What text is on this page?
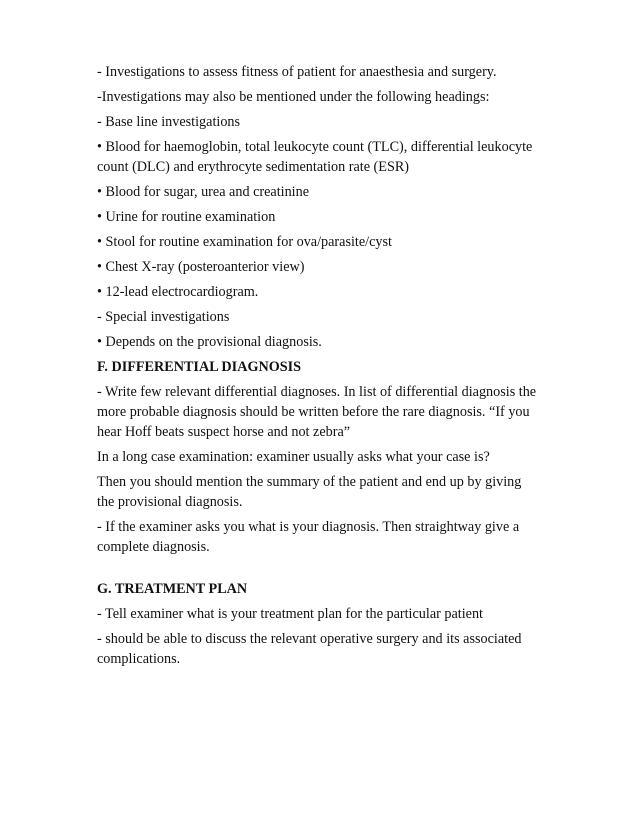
- Investigations to assess fitness of patient for anaesthesia and surgery.

-Investigations may also be mentioned under the following headings:

- Base line investigations

• Blood for haemoglobin, total leukocyte count (TLC), differential leukocyte count (DLC) and erythrocyte sedimentation rate (ESR)

• Blood for sugar, urea and creatinine

• Urine for routine examination

• Stool for routine examination for ova/parasite/cyst

• Chest X-ray (posteroanterior view)

• 12-lead electrocardiogram.

- Special investigations

• Depends on the provisional diagnosis.

F. DIFFERENTIAL DIAGNOSIS

- Write few relevant differential diagnoses. In list of differential diagnosis the more probable diagnosis should be written before the rare diagnosis. “If you hear Hoff beats suspect horse and not zebra”

In a long case examination: examiner usually asks what your case is?

Then you should mention the summary of the patient and end up by giving the provisional diagnosis.

- If the examiner asks you what is your diagnosis. Then straightway give a complete diagnosis.

G. TREATMENT PLAN

- Tell examiner what is your treatment plan for the particular patient

- should be able to discuss the relevant operative surgery and its associated complications.
